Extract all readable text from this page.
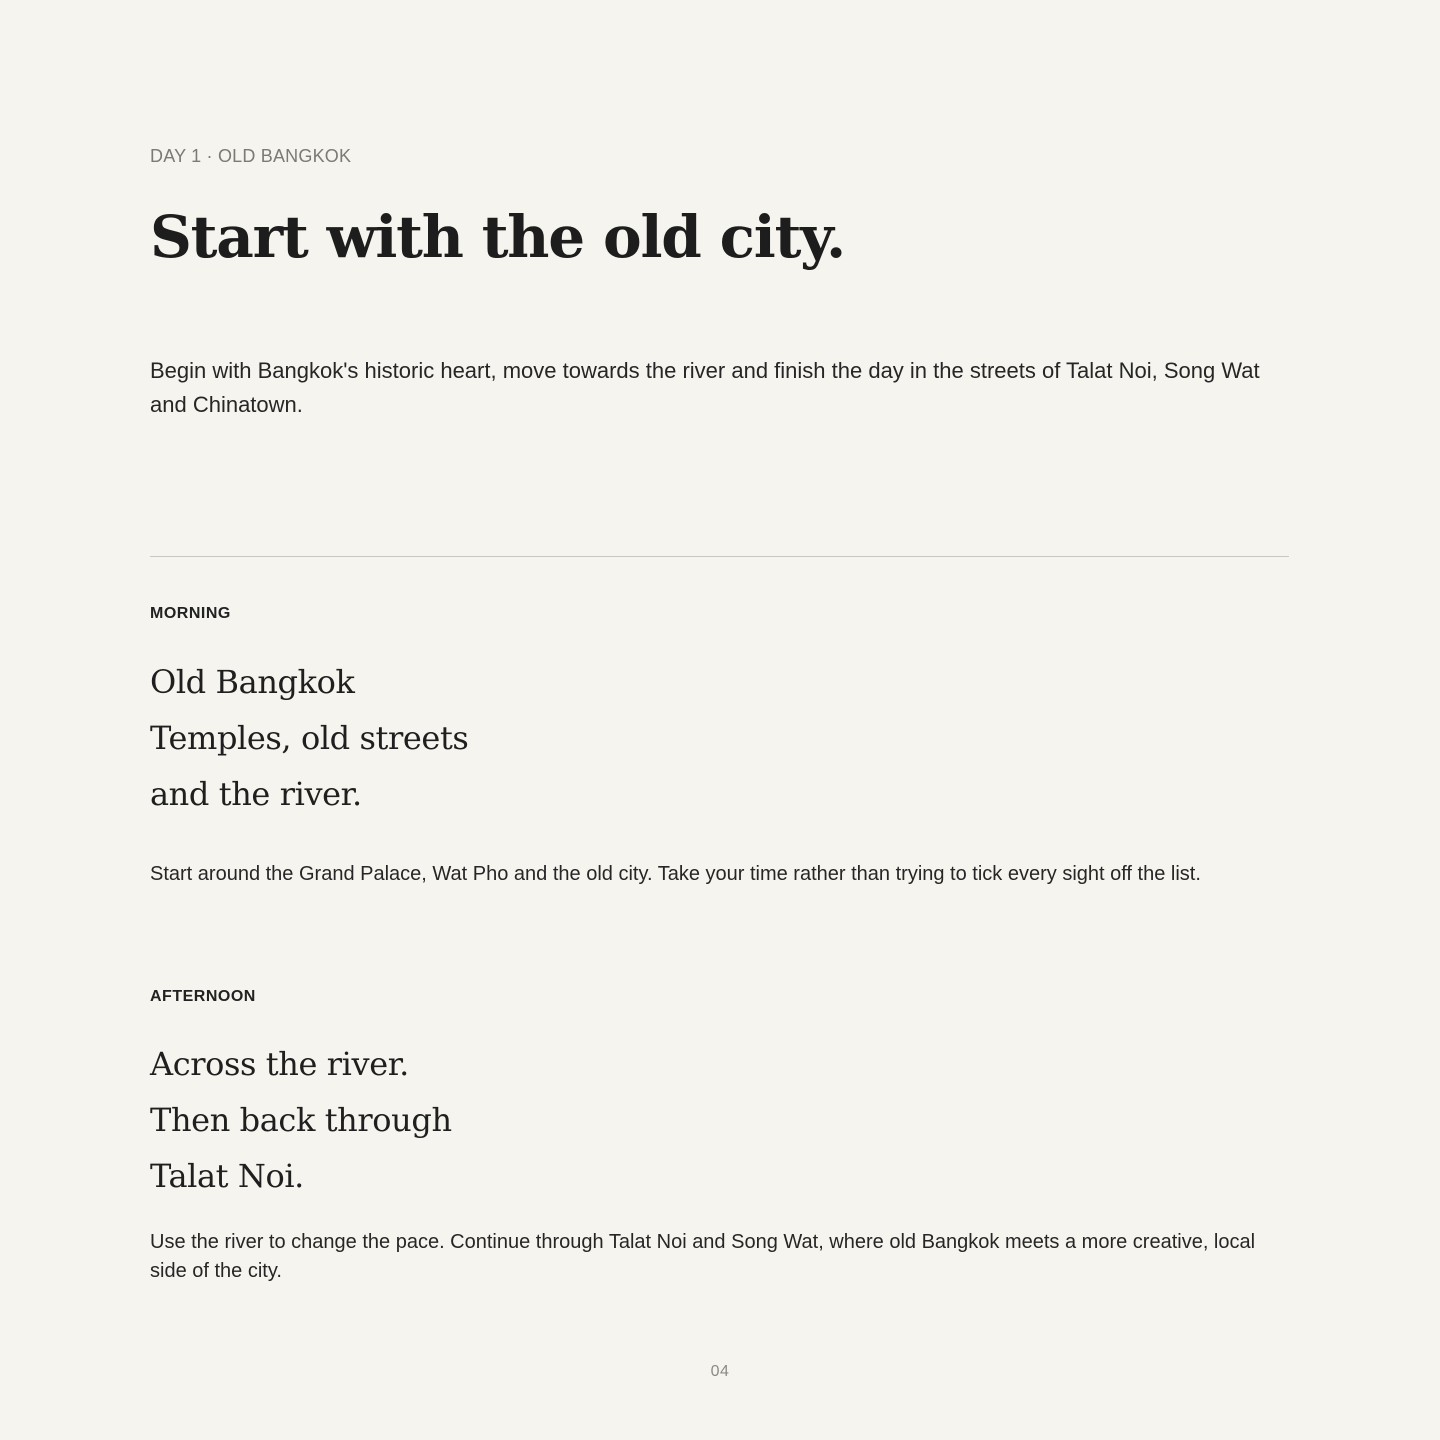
DAY 1 · OLD BANGKOK
Start with the old city.

Begin with Bangkok's historic heart, move towards the river and finish the day in the streets of Talat Noi, Song Wat and Chinatown.

MORNING
Old Bangkok
Temples, old streets
and the river.

Start around the Grand Palace, Wat Pho and the old city. Take your time rather than trying to tick every sight off the list.

AFTERNOON
Across the river.
Then back through
Talat Noi.

Use the river to change the pace. Continue through Talat Noi and Song Wat, where old Bangkok meets a more creative, local side of the city.

04
